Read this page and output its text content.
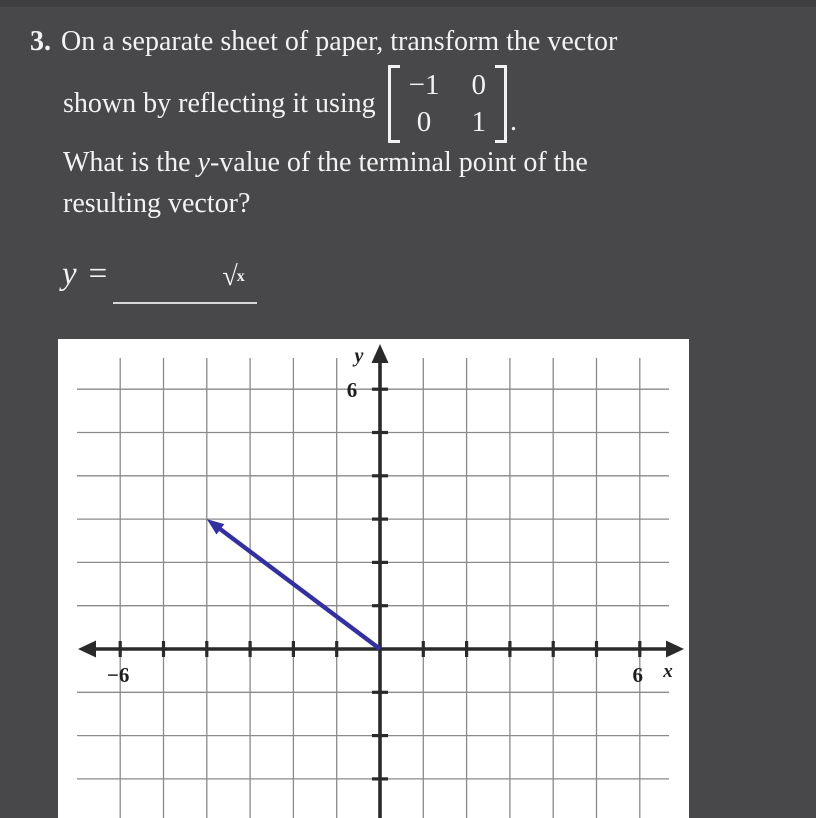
3. On a separate sheet of paper, transform the vector
shown by reflecting it using
−1 0
0 1 .
What is the y-value of the terminal point of the
resulting vector?
y =	√x
−6	6
6
y
x
